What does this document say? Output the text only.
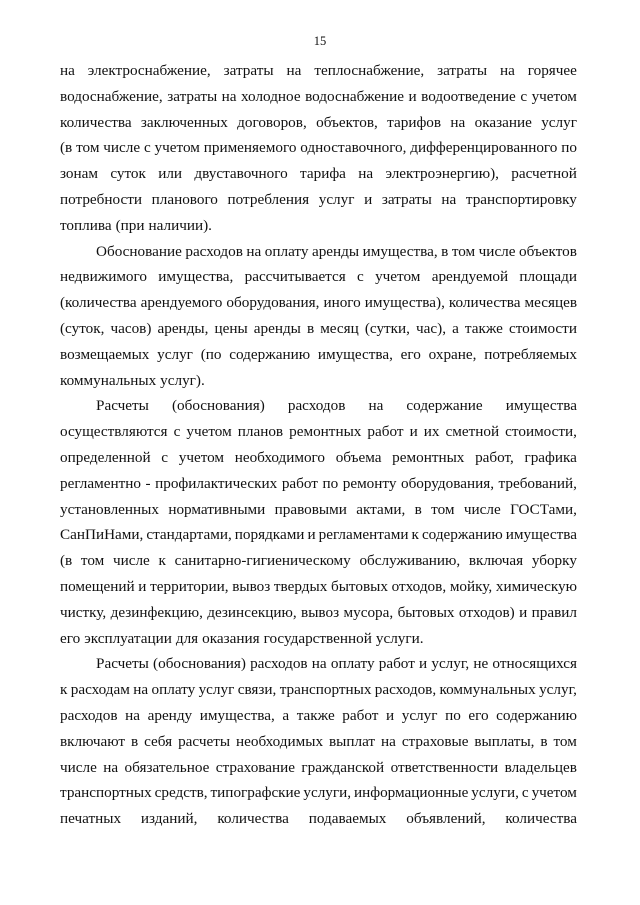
15
на электроснабжение, затраты на теплоснабжение, затраты на горячее
водоснабжение, затраты на холодное водоснабжение и водоотведение с учетом
количества заключенных договоров, объектов, тарифов на оказание услуг
(в том числе с учетом применяемого одноставочного, дифференцированного по
зонам суток или двуставочного тарифа на электроэнергию), расчетной
потребности планового потребления услуг и затраты на транспортировку
топлива (при наличии).
Обоснование расходов на оплату аренды имущества, в том числе объектов
недвижимого имущества, рассчитывается с учетом арендуемой площади
(количества арендуемого оборудования, иного имущества), количества месяцев
(суток, часов) аренды, цены аренды в месяц (сутки, час), а также стоимости
возмещаемых услуг (по содержанию имущества, его охране, потребляемых
коммунальных услуг).
Расчеты (обоснования) расходов на содержание имущества
осуществляются с учетом планов ремонтных работ и их сметной стоимости,
определенной с учетом необходимого объема ремонтных работ, графика
регламентно - профилактических работ по ремонту оборудования, требований,
установленных нормативными правовыми актами, в том числе ГОСТами,
СанПиНами, стандартами, порядками и регламентами к содержанию имущества
(в том числе к санитарно-гигиеническому обслуживанию, включая уборку
помещений и территории, вывоз твердых бытовых отходов, мойку, химическую
чистку, дезинфекцию, дезинсекцию, вывоз мусора, бытовых отходов) и правил
его эксплуатации для оказания государственной услуги.
Расчеты (обоснования) расходов на оплату работ и услуг, не относящихся
к расходам на оплату услуг связи, транспортных расходов, коммунальных услуг,
расходов на аренду имущества, а также работ и услуг по его содержанию
включают в себя расчеты необходимых выплат на страховые выплаты, в том
числе на обязательное страхование гражданской ответственности владельцев
транспортных средств, типографские услуги, информационные услуги, с учетом
печатных изданий, количества подаваемых объявлений, количества
